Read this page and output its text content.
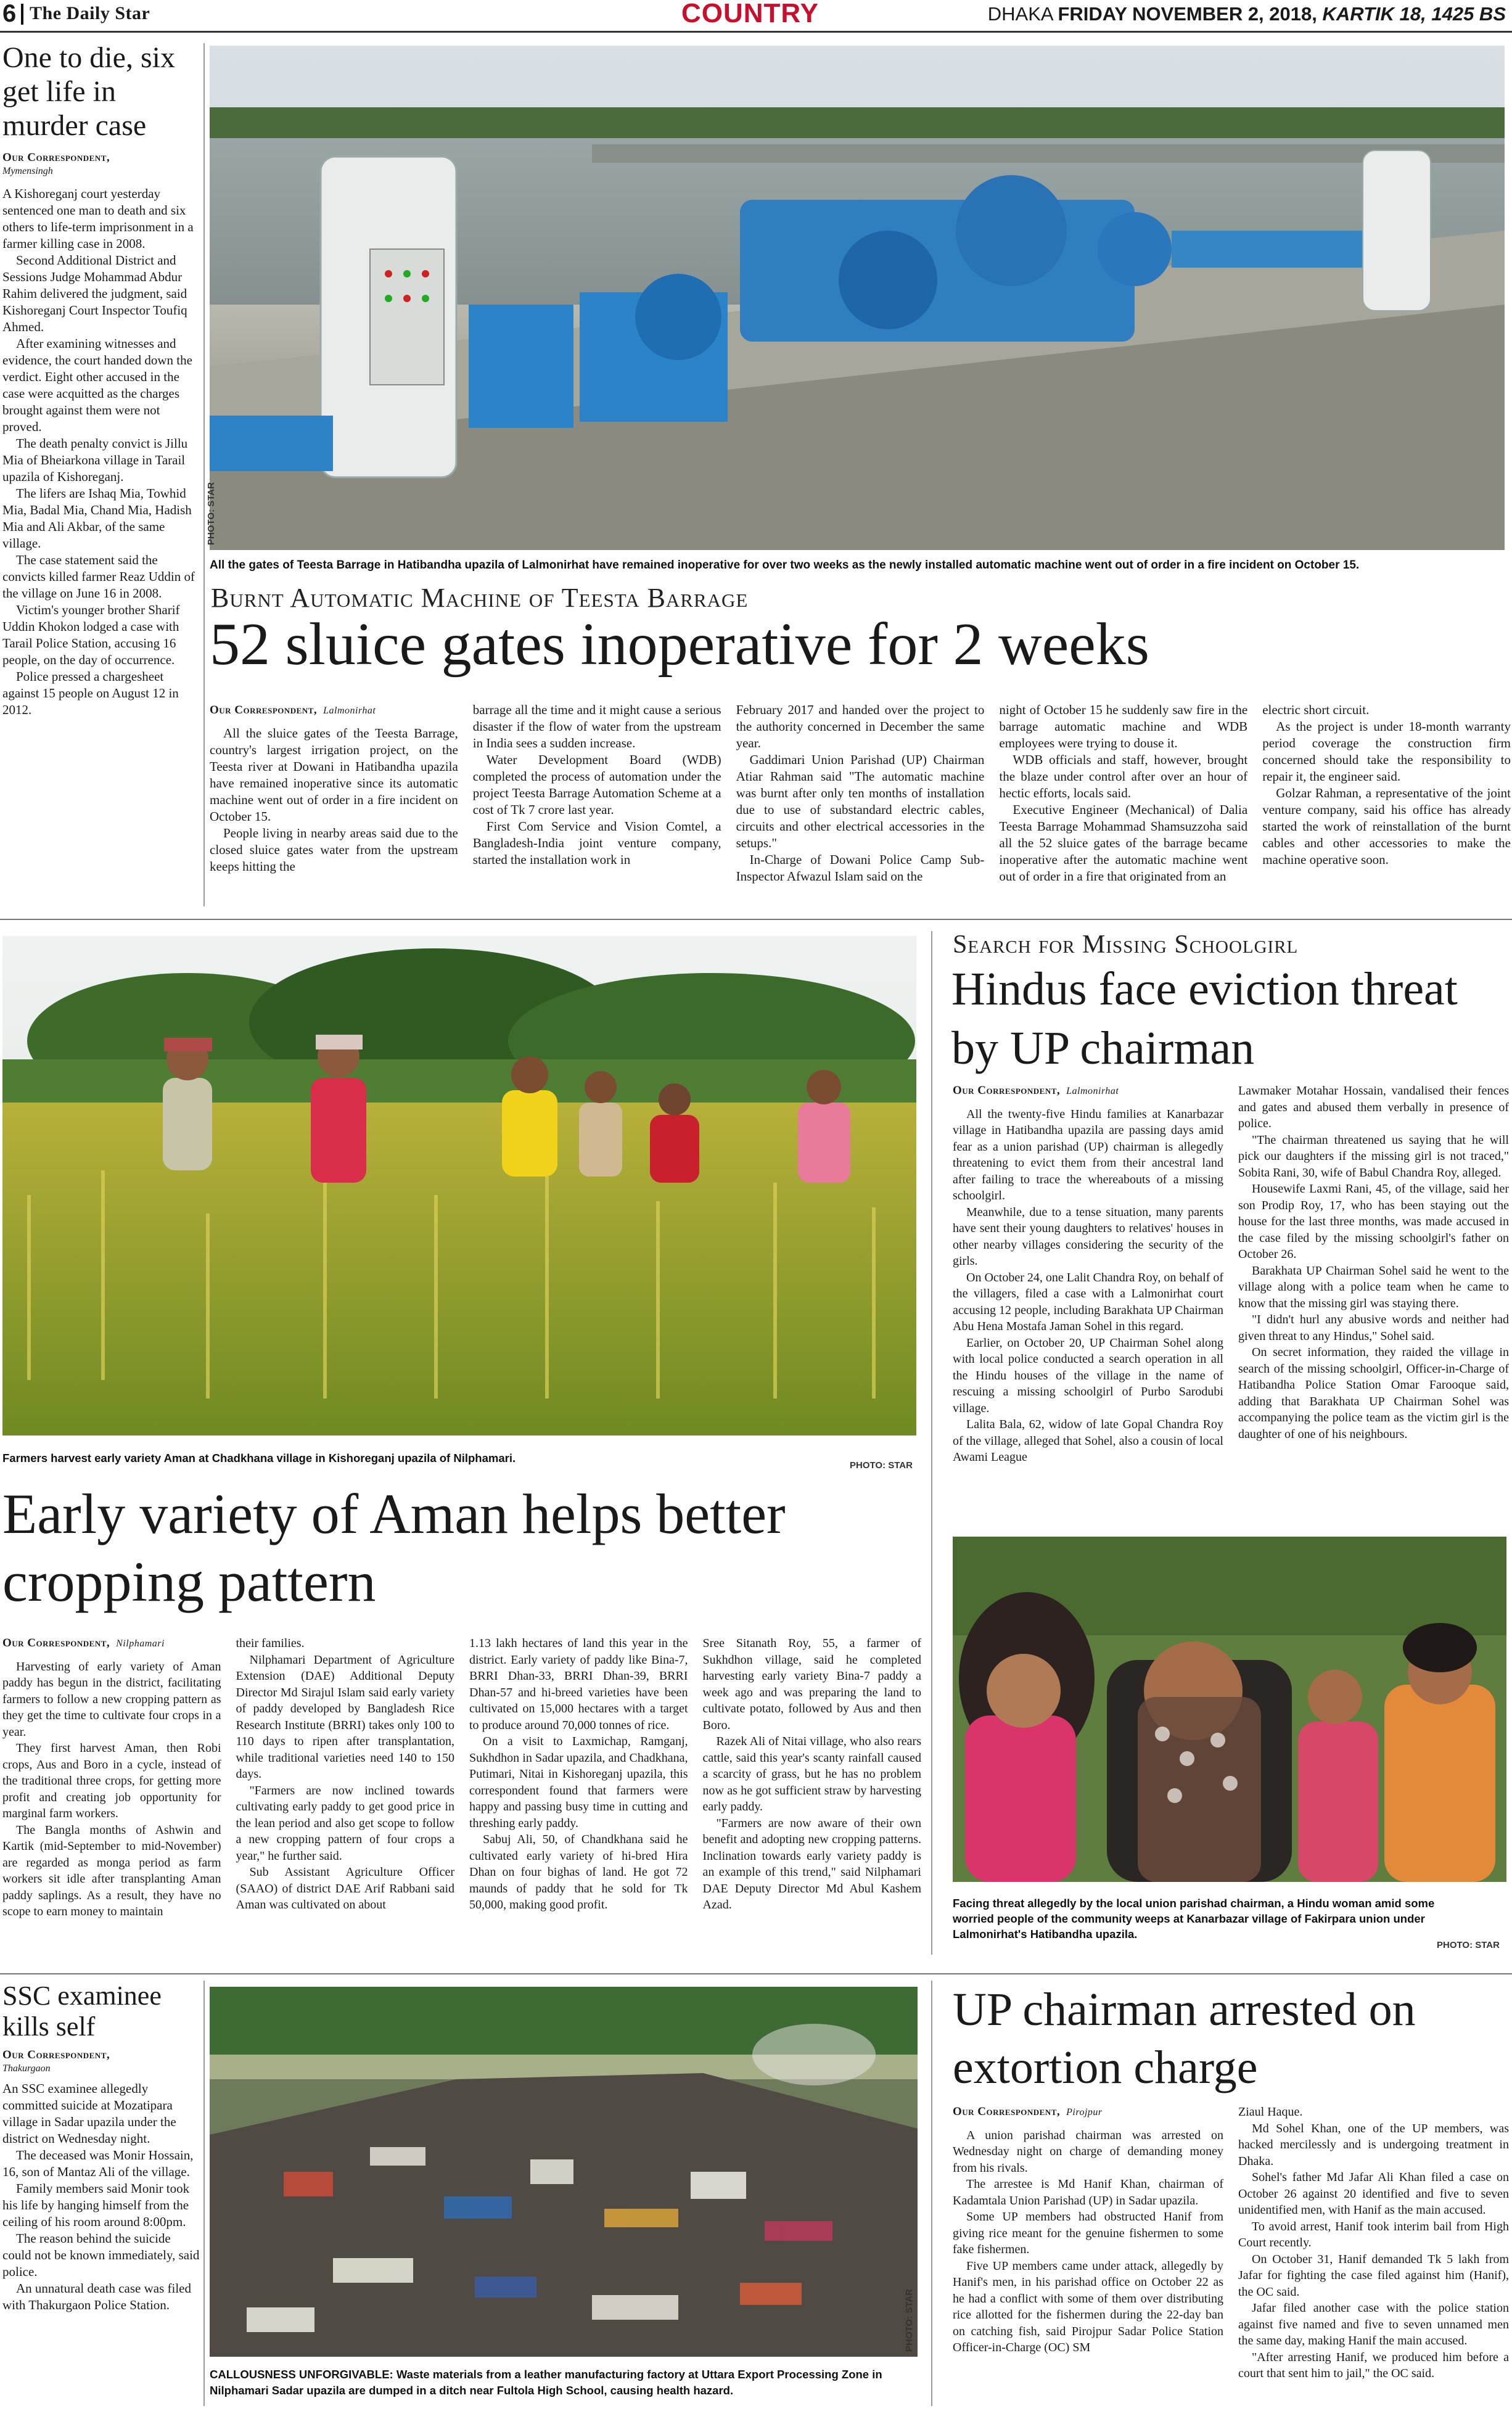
6 The Daily Star	COUNTRY	DHAKA FRIDAY NOVEMBER 2, 2018, KARTIK 18, 1425 BS
One to die, six get life in murder case
Our Correspondent,
Mymensingh

A Kishoreganj court yesterday sentenced one man to death and six others to life-term imprisonment in a farmer killing case in 2008.

Second Additional District and Sessions Judge Mohammad Abdur Rahim delivered the judgment, said Kishoreganj Court Inspector Toufiq Ahmed.

After examining witnesses and evidence, the court handed down the verdict. Eight other accused in the case were acquitted as the charges brought against them were not proved.

The death penalty convict is Jillu Mia of Bheiarkona village in Tarail upazila of Kishoreganj.

The lifers are Ishaq Mia, Towhid Mia, Badal Mia, Chand Mia, Hadish Mia and Ali Akbar, of the same village.

The case statement said the convicts killed farmer Reaz Uddin of the village on June 16 in 2008.

Victim's younger brother Sharif Uddin Khokon lodged a case with Tarail Police Station, accusing 16 people, on the day of occurrence.

Police pressed a chargesheet against 15 people on August 12 in 2012.

PHOTO: STAR
All the gates of Teesta Barrage in Hatibandha upazila of Lalmonirhat have remained inoperative for over two weeks as the newly installed automatic machine went out of order in a fire incident on October 15.
Burnt Automatic Machine of Teesta Barrage
52 sluice gates inoperative for 2 weeks
Our Correspondent, Lalmonirhat

All the sluice gates of the Teesta Barrage, country's largest irrigation project, on the Teesta river at Dowani in Hatibandha upazila have remained inoperative since its automatic machine went out of order in a fire incident on October 15.

People living in nearby areas said due to the closed sluice gates water from the upstream keeps hitting the

barrage all the time and it might cause a serious disaster if the flow of water from the upstream in India sees a sudden increase.

Water Development Board (WDB) completed the process of automation under the project Teesta Barrage Automation Scheme at a cost of Tk 7 crore last year.

First Com Service and Vision Comtel, a Bangladesh-India joint venture company, started the installation work in

February 2017 and handed over the project to the authority concerned in December the same year.

Gaddimari Union Parishad (UP) Chairman Atiar Rahman said "The automatic machine was burnt after only ten months of installation due to use of substandard electric cables, circuits and other electrical accessories in the setups."

In-Charge of Dowani Police Camp Sub-Inspector Afwazul Islam said on the

night of October 15 he suddenly saw fire in the barrage automatic machine and WDB employees were trying to douse it.

WDB officials and staff, however, brought the blaze under control after over an hour of hectic efforts, locals said.

Executive Engineer (Mechanical) of Dalia Teesta Barrage Mohammad Shamsuzzoha said all the 52 sluice gates of the barrage became inoperative after the automatic machine went out of order in a fire that originated from an

electric short circuit.

As the project is under 18-month warranty period coverage the construction firm concerned should take the responsibility to repair it, the engineer said.

Golzar Rahman, a representative of the joint venture company, said his office has already started the work of reinstallation of the burnt cables and other accessories to make the machine operative soon.

Farmers harvest early variety Aman at Chadkhana village in Kishoreganj upazila of Nilphamari.
PHOTO: STAR
Early variety of Aman helps better cropping pattern
Our Correspondent, Nilphamari

Harvesting of early variety of Aman paddy has begun in the district, facilitating farmers to follow a new cropping pattern as they get the time to cultivate four crops in a year.

They first harvest Aman, then Robi crops, Aus and Boro in a cycle, instead of the traditional three crops, for getting more profit and creating job opportunity for marginal farm workers.

The Bangla months of Ashwin and Kartik (mid-September to mid-November) are regarded as monga period as farm workers sit idle after transplanting Aman paddy saplings. As a result, they have no scope to earn money to maintain

their families.

Nilphamari Department of Agriculture Extension (DAE) Additional Deputy Director Md Sirajul Islam said early variety of paddy developed by Bangladesh Rice Research Institute (BRRI) takes only 100 to 110 days to ripen after transplantation, while traditional varieties need 140 to 150 days.

"Farmers are now inclined towards cultivating early paddy to get good price in the lean period and also get scope to follow a new cropping pattern of four crops a year," he further said.

Sub Assistant Agriculture Officer (SAAO) of district DAE Arif Rabbani said Aman was cultivated on about

1.13 lakh hectares of land this year in the district. Early variety of paddy like Bina-7, BRRI Dhan-33, BRRI Dhan-39, BRRI Dhan-57 and hi-breed varieties have been cultivated on 15,000 hectares with a target to produce around 70,000 tonnes of rice.

On a visit to Laxmichap, Ramganj, Sukhdhon in Sadar upazila, and Chadkhana, Putimari, Nitai in Kishoreganj upazila, this correspondent found that farmers were happy and passing busy time in cutting and threshing early paddy.

Sabuj Ali, 50, of Chandkhana said he cultivated early variety of hi-bred Hira Dhan on four bighas of land. He got 72 maunds of paddy that he sold for Tk 50,000, making good profit.

Sree Sitanath Roy, 55, a farmer of Sukhdhon village, said he completed harvesting early variety Bina-7 paddy a week ago and was preparing the land to cultivate potato, followed by Aus and then Boro.

Razek Ali of Nitai village, who also rears cattle, said this year's scanty rainfall caused a scarcity of grass, but he has no problem now as he got sufficient straw by harvesting early paddy.

"Farmers are now aware of their own benefit and adopting new cropping patterns. Inclination towards early variety paddy is an example of this trend," said Nilphamari DAE Deputy Director Md Abul Kashem Azad.

Search for Missing Schoolgirl
Hindus face eviction threat by UP chairman
Our Correspondent, Lalmonirhat

All the twenty-five Hindu families at Kanarbazar village in Hatibandha upazila are passing days amid fear as a union parishad (UP) chairman is allegedly threatening to evict them from their ancestral land after failing to trace the whereabouts of a missing schoolgirl.

Meanwhile, due to a tense situation, many parents have sent their young daughters to relatives' houses in other nearby villages considering the security of the girls.

On October 24, one Lalit Chandra Roy, on behalf of the villagers, filed a case with a Lalmonirhat court accusing 12 people, including Barakhata UP Chairman Abu Hena Mostafa Jaman Sohel in this regard.

Earlier, on October 20, UP Chairman Sohel along with local police conducted a search operation in all the Hindu houses of the village in the name of rescuing a missing schoolgirl of Purbo Sarodubi village.

Lalita Bala, 62, widow of late Gopal Chandra Roy of the village, alleged that Sohel, also a cousin of local Awami League

Lawmaker Motahar Hossain, vandalised their fences and gates and abused them verbally in presence of police.

"The chairman threatened us saying that he will pick our daughters if the missing girl is not traced," Sobita Rani, 30, wife of Babul Chandra Roy, alleged.

Housewife Laxmi Rani, 45, of the village, said her son Prodip Roy, 17, who has been staying out the house for the last three months, was made accused in the case filed by the missing schoolgirl's father on October 26.

Barakhata UP Chairman Sohel said he went to the village along with a police team when he came to know that the missing girl was staying there.

"I didn't hurl any abusive words and neither had given threat to any Hindus," Sohel said.

On secret information, they raided the village in search of the missing schoolgirl, Officer-in-Charge of Hatibandha Police Station Omar Farooque said, adding that Barakhata UP Chairman Sohel was accompanying the police team as the victim girl is the daughter of one of his neighbours.

Facing threat allegedly by the local union parishad chairman, a Hindu woman amid some worried people of the community weeps at Kanarbazar village of Fakirpara union under Lalmonirhat's Hatibandha upazila.
PHOTO: STAR
SSC examinee kills self
Our Correspondent,
Thakurgaon

An SSC examinee allegedly committed suicide at Mozatipara village in Sadar upazila under the district on Wednesday night.

The deceased was Monir Hossain, 16, son of Mantaz Ali of the village.

Family members said Monir took his life by hanging himself from the ceiling of his room around 8:00pm.

The reason behind the suicide could not be known immediately, said police.

An unnatural death case was filed with Thakurgaon Police Station.	PHOTO: STAR
CALLOUSNESS UNFORGIVABLE: Waste materials from a leather manufacturing factory at Uttara Export Processing Zone in Nilphamari Sadar upazila are dumped in a ditch near Fultola High School, causing health hazard.
UP chairman arrested on extortion charge
Our Correspondent, Pirojpur

A union parishad chairman was arrested on Wednesday night on charge of demanding money from his rivals.

The arrestee is Md Hanif Khan, chairman of Kadamtala Union Parishad (UP) in Sadar upazila.

Some UP members had obstructed Hanif from giving rice meant for the genuine fishermen to some fake fishermen.

Five UP members came under attack, allegedly by Hanif's men, in his parishad office on October 22 as he had a conflict with some of them over distributing rice allotted for the fishermen during the 22-day ban on catching fish, said Pirojpur Sadar Police Station Officer-in-Charge (OC) SM

Ziaul Haque.

Md Sohel Khan, one of the UP members, was hacked mercilessly and is undergoing treatment in Dhaka.

Sohel's father Md Jafar Ali Khan filed a case on October 26 against 20 identified and five to seven unidentified men, with Hanif as the main accused.

To avoid arrest, Hanif took interim bail from High Court recently.

On October 31, Hanif demanded Tk 5 lakh from Jafar for fighting the case filed against him (Hanif), the OC said.

Jafar filed another case with the police station against five named and five to seven unnamed men the same day, making Hanif the main accused.

"After arresting Hanif, we produced him before a court that sent him to jail," the OC said.
